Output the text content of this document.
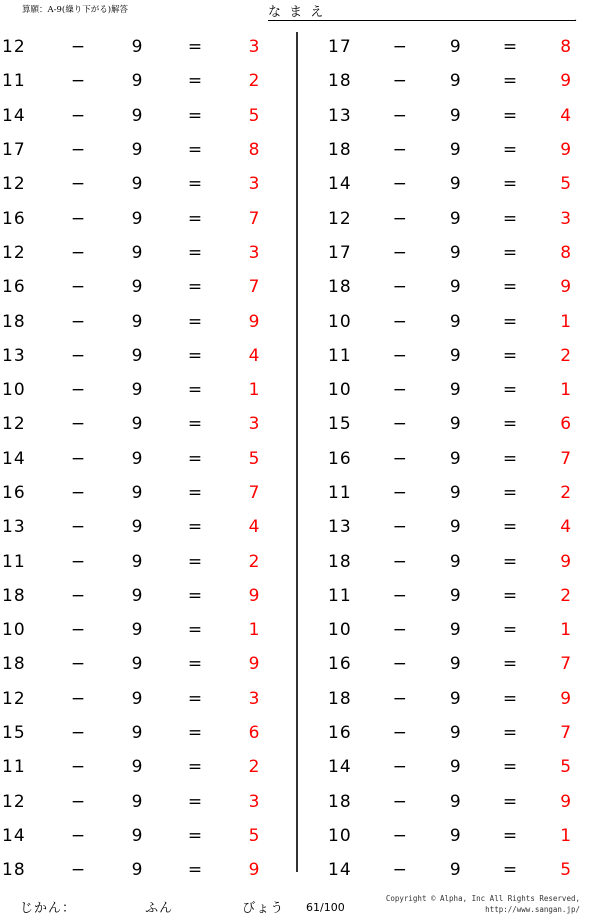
算願：A-9(繰り下がる)解答	な ま え	.
12	−	9	=	3
11	−	9	=	2
14	−	9	=	5
17	−	9	=	8
12	−	9	=	3
16	−	9	=	7
12	−	9	=	3
16	−	9	=	7
18	−	9	=	9
13	−	9	=	4
10	−	9	=	1
12	−	9	=	3
14	−	9	=	5
16	−	9	=	7
13	−	9	=	4
11	−	9	=	2
18	−	9	=	9
10	−	9	=	1
18	−	9	=	9
12	−	9	=	3
15	−	9	=	6
11	−	9	=	2
12	−	9	=	3
14	−	9	=	5
18	−	9	=	9
17	−	9	=	8
18	−	9	=	9
13	−	9	=	4
18	−	9	=	9
14	−	9	=	5
12	−	9	=	3
17	−	9	=	8
18	−	9	=	9
10	−	9	=	1
11	−	9	=	2
10	−	9	=	1
15	−	9	=	6
16	−	9	=	7
11	−	9	=	2
13	−	9	=	4
18	−	9	=	9
11	−	9	=	2
10	−	9	=	1
16	−	9	=	7
18	−	9	=	9
16	−	9	=	7
14	−	9	=	5
18	−	9	=	9
10	−	9	=	1
14	−	9	=	5
じかん：	ふん	びょう	61/100
Copyright © Alpha, Inc All Rights Reserved,
http://www.sangan.jp/
